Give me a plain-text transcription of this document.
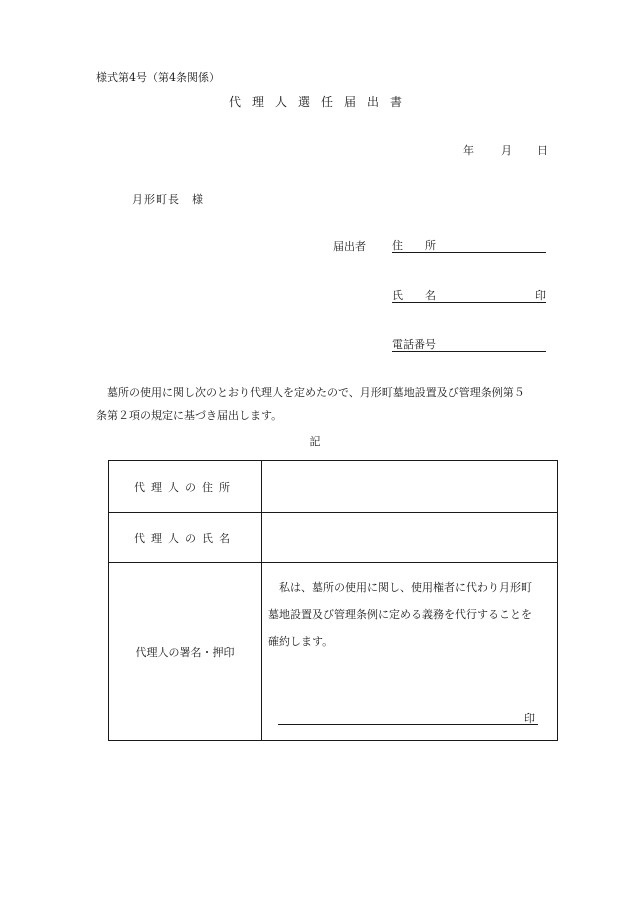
様式第4号（第4条関係）
代理人選任届出書
年 月 日
月形町長　様
届出者 住　　所
氏　　名	印
電話番号

　墓所の使用に関し次のとおり代理人を定めたので、月形町墓地設置及び管理条例第５

条第２項の規定に基づき届出します。

記
代理人の住所	
代理人の氏名	
代理人の署名・押印	　私は、墓所の使用に関し、使用権者に代わり月形町
墓地設置及び管理条例に定める義務を代行することを
確約します。
印
